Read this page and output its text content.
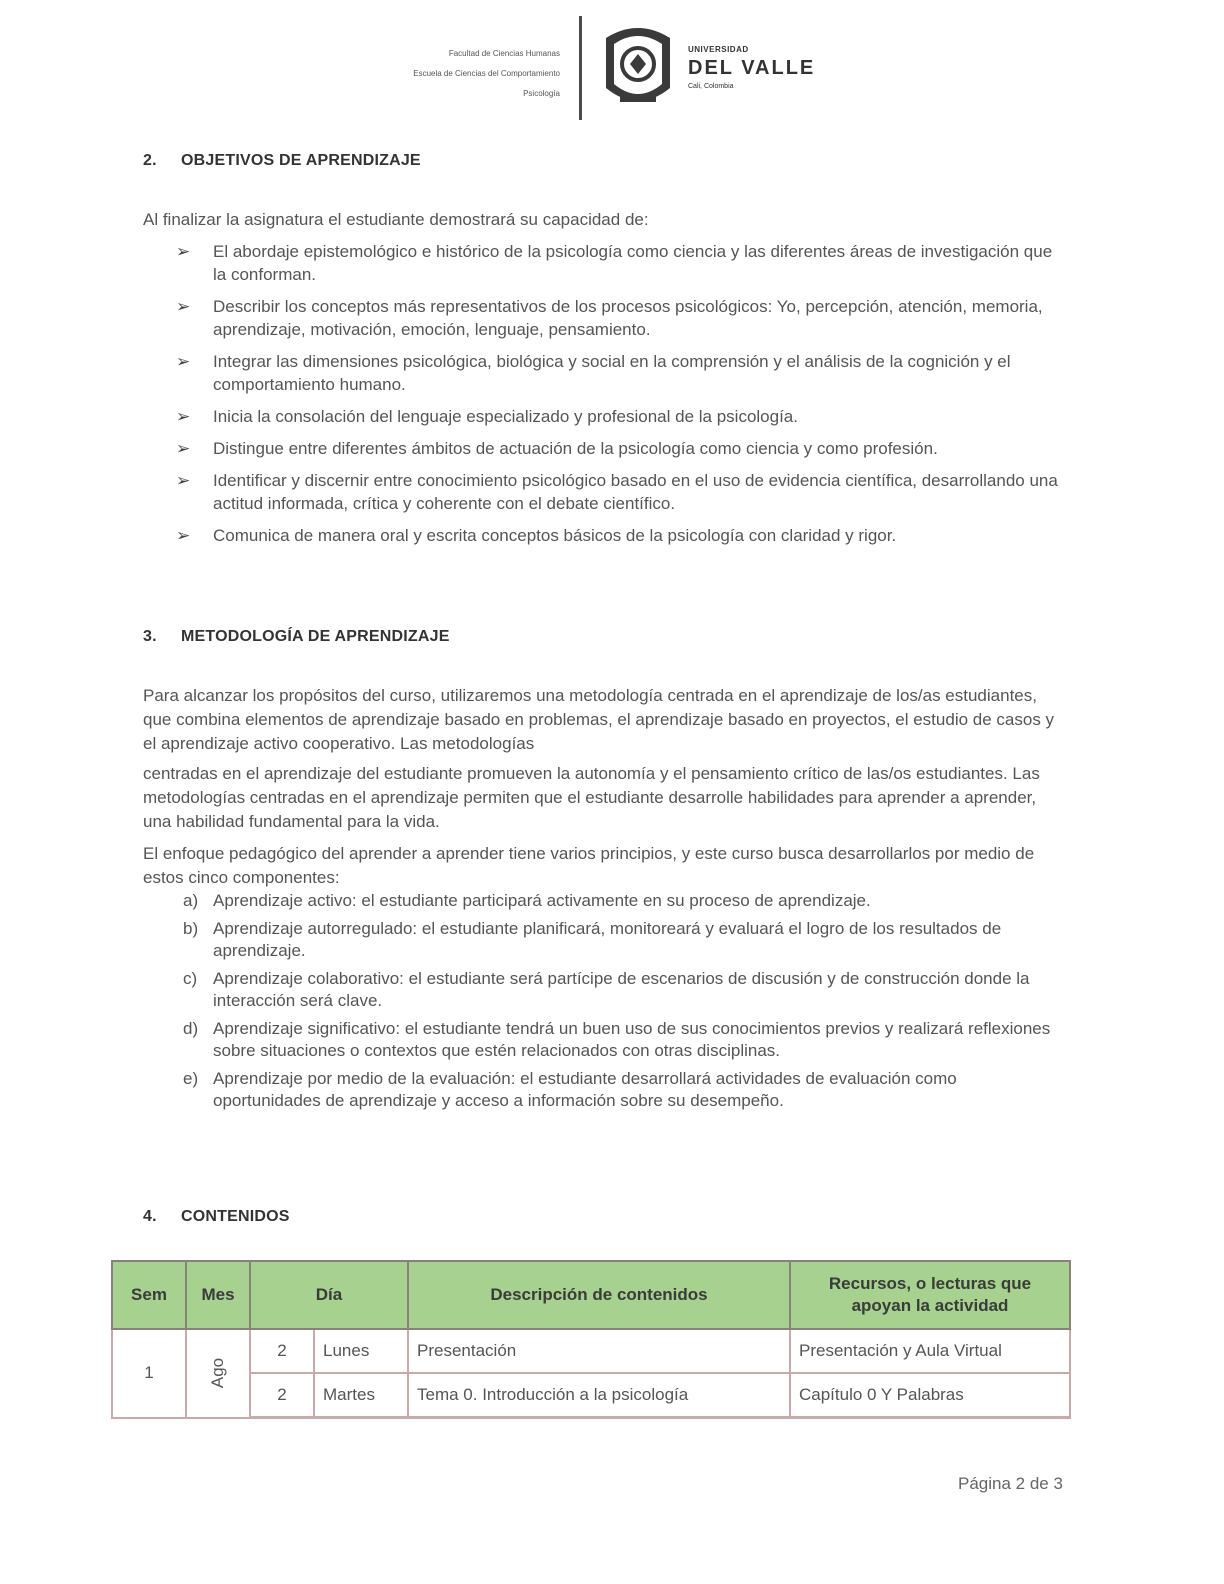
Facultad de Ciencias Humanas
Escuela de Ciencias del Comportamiento
Psicología
UNIVERSIDAD
DEL VALLE
Cali, Colombia
2. OBJETIVOS DE APRENDIZAJE
Al finalizar la asignatura el estudiante demostrará su capacidad de:
➢ El abordaje epistemológico e histórico de la psicología como ciencia y las diferentes áreas de investigación que la conforman.
➢ Describir los conceptos más representativos de los procesos psicológicos: Yo, percepción, atención, memoria, aprendizaje, motivación, emoción, lenguaje, pensamiento.
➢ Integrar las dimensiones psicológica, biológica y social en la comprensión y el análisis de la cognición y el comportamiento humano.
➢ Inicia la consolación del lenguaje especializado y profesional de la psicología.
➢ Distingue entre diferentes ámbitos de actuación de la psicología como ciencia y como profesión.
➢ Identificar y discernir entre conocimiento psicológico basado en el uso de evidencia científica, desarrollando una actitud informada, crítica y coherente con el debate científico.
➢ Comunica de manera oral y escrita conceptos básicos de la psicología con claridad y rigor.
3. METODOLOGÍA DE APRENDIZAJE
Para alcanzar los propósitos del curso, utilizaremos una metodología centrada en el aprendizaje de los/as estudiantes, que combina elementos de aprendizaje basado en problemas, el aprendizaje basado en proyectos, el estudio de casos y el aprendizaje activo cooperativo. Las metodologías
centradas en el aprendizaje del estudiante promueven la autonomía y el pensamiento crítico de las/os estudiantes. Las metodologías centradas en el aprendizaje permiten que el estudiante desarrolle habilidades para aprender a aprender, una habilidad fundamental para la vida.
El enfoque pedagógico del aprender a aprender tiene varios principios, y este curso busca desarrollarlos por medio de estos cinco componentes:
a) Aprendizaje activo: el estudiante participará activamente en su proceso de aprendizaje.
b) Aprendizaje autorregulado: el estudiante planificará, monitoreará y evaluará el logro de los resultados de aprendizaje.
c) Aprendizaje colaborativo: el estudiante será partícipe de escenarios de discusión y de construcción donde la interacción será clave.
d) Aprendizaje significativo: el estudiante tendrá un buen uso de sus conocimientos previos y realizará reflexiones sobre situaciones o contextos que estén relacionados con otras disciplinas.
e) Aprendizaje por medio de la evaluación: el estudiante desarrollará actividades de evaluación como oportunidades de aprendizaje y acceso a información sobre su desempeño.
4. CONTENIDOS
Sem	Mes	Día		Descripción de contenidos	Recursos, o lecturas que apoyan la actividad
1	Ago	2	Lunes	Presentación	Presentación y Aula Virtual
		2	Martes	Tema 0. Introducción a la psicología	Capítulo 0 Y Palabras
Página 2 de 3
